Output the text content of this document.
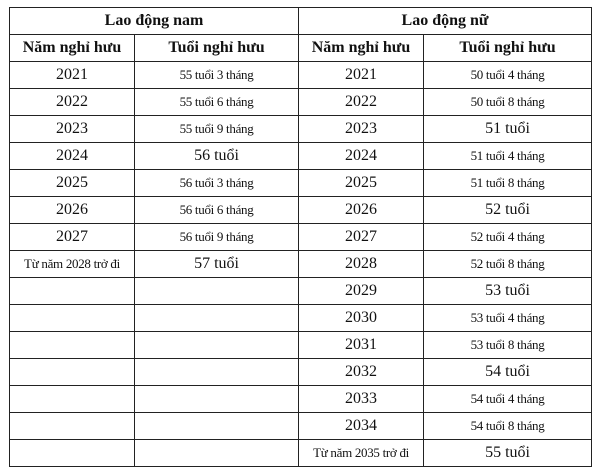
Lao động nam		Lao động nữ	
Năm nghỉ hưu	Tuổi nghỉ hưu	Năm nghỉ hưu	Tuổi nghỉ hưu
2021	55 tuổi 3 tháng	2021	50 tuổi 4 tháng
2022	55 tuổi 6 tháng	2022	50 tuổi 8 tháng
2023	55 tuổi 9 tháng	2023	51 tuổi
2024	56 tuổi	2024	51 tuổi 4 tháng
2025	56 tuổi 3 tháng	2025	51 tuổi 8 tháng
2026	56 tuổi 6 tháng	2026	52 tuổi
2027	56 tuổi 9 tháng	2027	52 tuổi 4 tháng
Từ năm 2028 trở đi	57 tuổi	2028	52 tuổi 8 tháng
		2029	53 tuổi
		2030	53 tuổi 4 tháng
		2031	53 tuổi 8 tháng
		2032	54 tuổi
		2033	54 tuổi 4 tháng
		2034	54 tuổi 8 tháng
		Từ năm 2035 trở đi	55 tuổi
